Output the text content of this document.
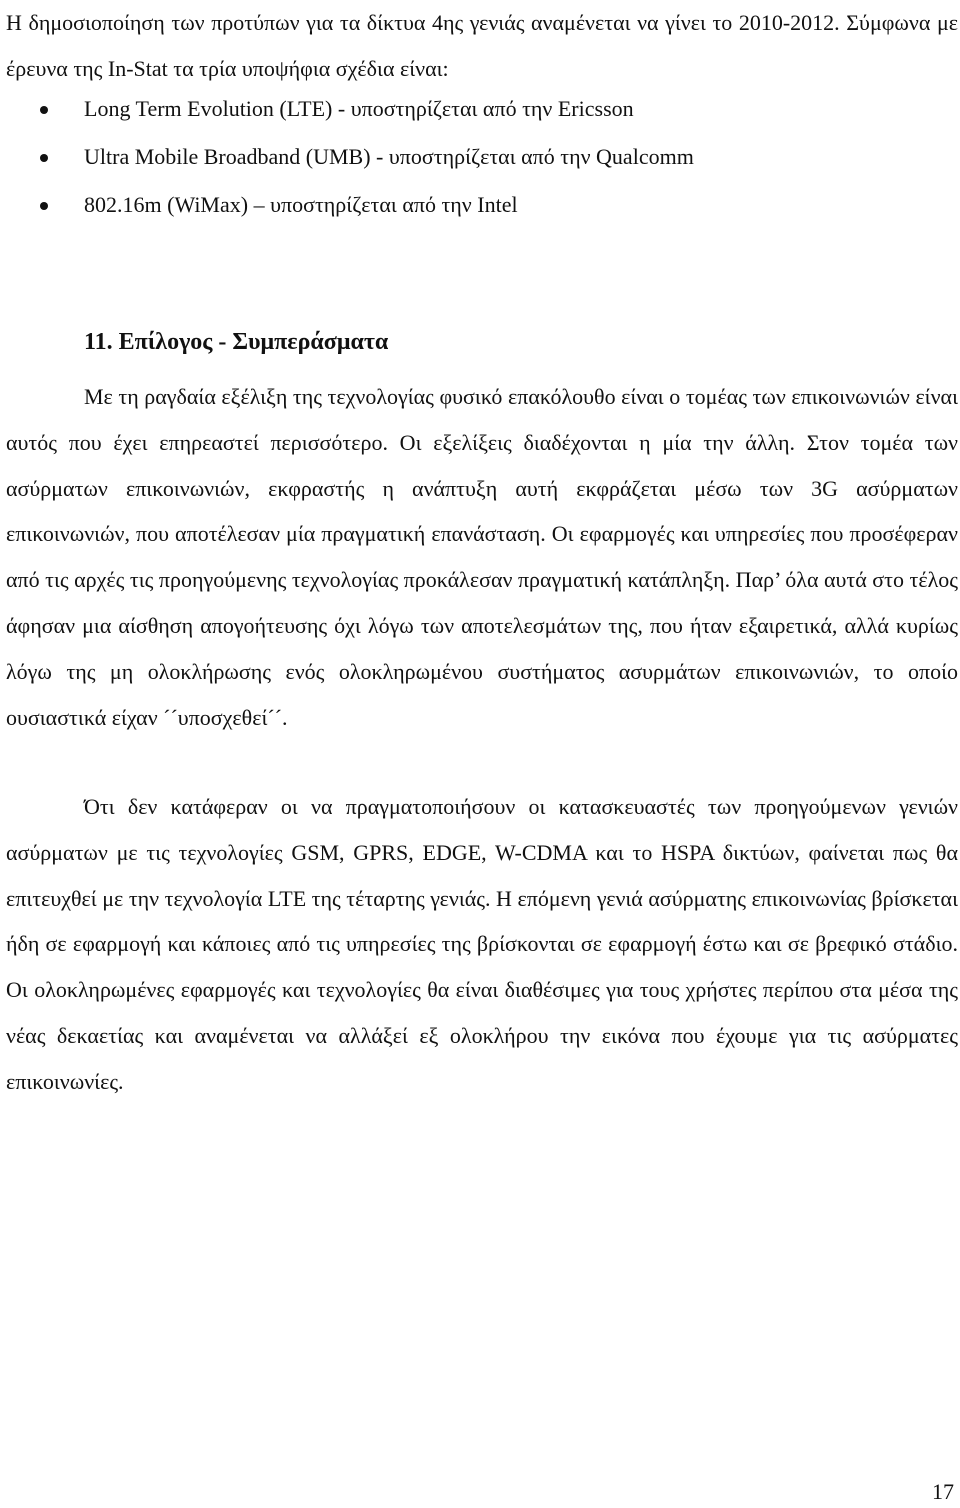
Η δημοσιοποίηση των προτύπων για τα δίκτυα 4ης γενιάς αναμένεται να γίνει το 2010-2012. Σύμφωνα με έρευνα της In-Stat τα τρία υποψήφια σχέδια είναι:

Long Term Evolution (LTE) - υποστηρίζεται από την Ericsson
Ultra Mobile Broadband (UMB) - υποστηρίζεται από την Qualcomm
802.16m (WiMax) – υποστηρίζεται από την Intel
11. Επίλογος - Συμπεράσματα

Με τη ραγδαία εξέλιξη της τεχνολογίας φυσικό επακόλουθο είναι ο τομέας των επικοινωνιών είναι αυτός που έχει επηρεαστεί περισσότερο. Οι εξελίξεις διαδέχονται η μία την άλλη. Στον τομέα των ασύρματων επικοινωνιών, εκφραστής η ανάπτυξη αυτή εκφράζεται μέσω των 3G ασύρματων επικοινωνιών, που αποτέλεσαν μία πραγματική επανάσταση. Οι εφαρμογές και υπηρεσίες που προσέφεραν από τις αρχές τις προηγούμενης τεχνολογίας προκάλεσαν πραγματική κατάπληξη. Παρ’ όλα αυτά στο τέλος άφησαν μια αίσθηση απογοήτευσης όχι λόγω των αποτελεσμάτων της, που ήταν εξαιρετικά, αλλά κυρίως λόγω της μη ολοκλήρωσης ενός ολοκληρωμένου συστήματος ασυρμάτων επικοινωνιών, το οποίο ουσιαστικά είχαν ´´υποσχεθεί´´.

Ότι δεν κατάφεραν οι να πραγματοποιήσουν οι κατασκευαστές των προηγούμενων γενιών ασύρματων με τις τεχνολογίες GSM, GPRS, EDGE, W-CDMA και το HSPA δικτύων, φαίνεται πως θα επιτευχθεί με την τεχνολογία LTE της τέταρτης γενιάς. Η επόμενη γενιά ασύρματης επικοινωνίας βρίσκεται ήδη σε εφαρμογή και κάποιες από τις υπηρεσίες της βρίσκονται σε εφαρμογή έστω και σε βρεφικό στάδιο. Οι ολοκληρωμένες εφαρμογές και τεχνολογίες θα είναι διαθέσιμες για τους χρήστες περίπου στα μέσα της νέας δεκαετίας και αναμένεται να αλλάξεί εξ ολοκλήρου την εικόνα που έχουμε για τις ασύρματες επικοινωνίες.

17
